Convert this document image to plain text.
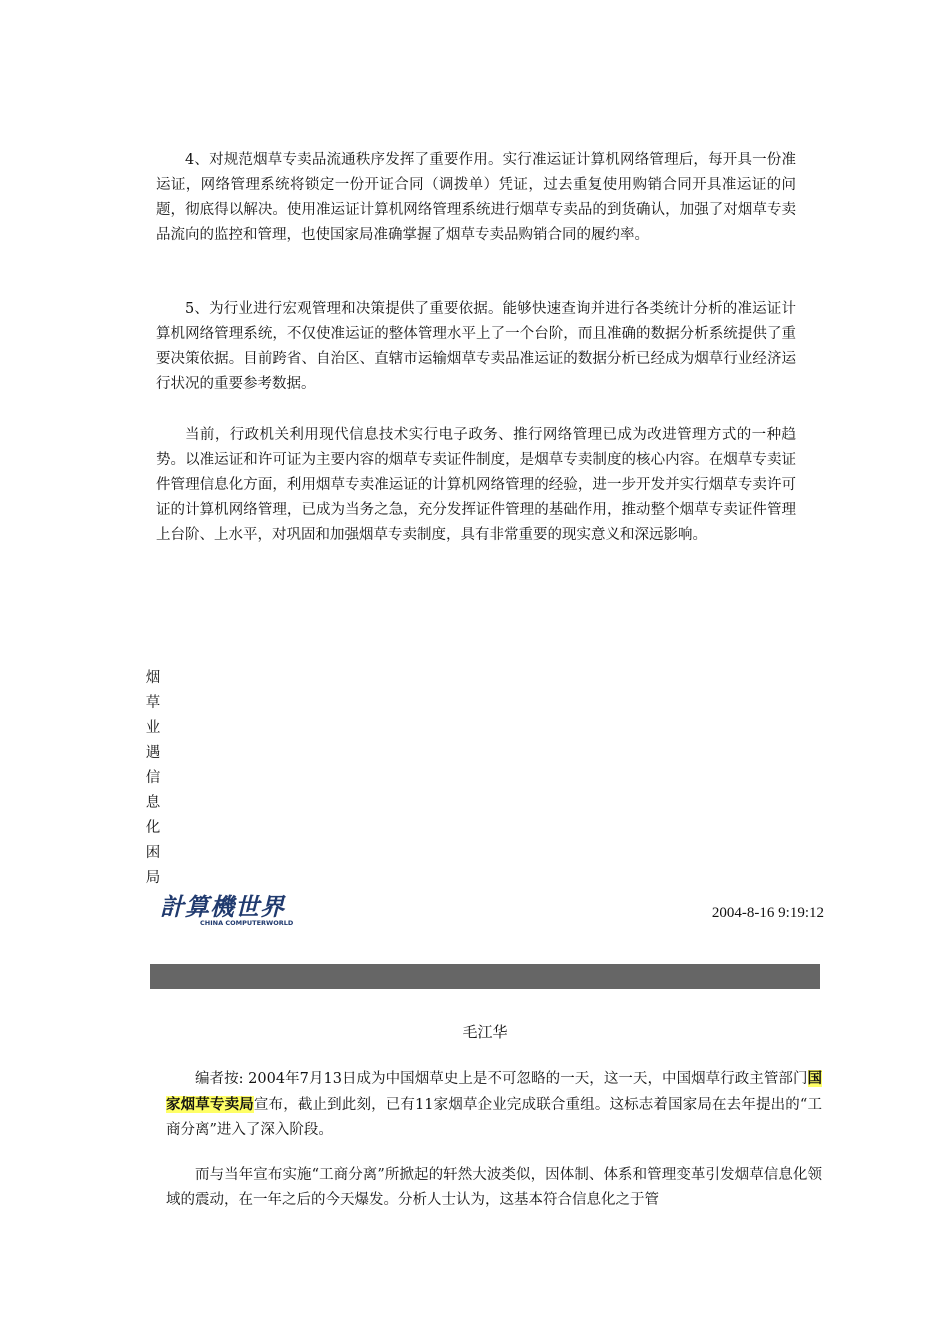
4、对规范烟草专卖品流通秩序发挥了重要作用。实行准运证计算机网络管理后，每开具一份准运证，网络管理系统将锁定一份开证合同（调拨单）凭证，过去重复使用购销合同开具准运证的问题，彻底得以解决。使用准运证计算机网络管理系统进行烟草专卖品的到货确认，加强了对烟草专卖品流向的监控和管理，也使国家局准确掌握了烟草专卖品购销合同的履约率。

5、为行业进行宏观管理和决策提供了重要依据。能够快速查询并进行各类统计分析的准运证计算机网络管理系统，不仅使准运证的整体管理水平上了一个台阶，而且准确的数据分析系统提供了重要决策依据。目前跨省、自治区、直辖市运输烟草专卖品准运证的数据分析已经成为烟草行业经济运行状况的重要参考数据。

当前，行政机关利用现代信息技术实行电子政务、推行网络管理已成为改进管理方式的一种趋势。以准运证和许可证为主要内容的烟草专卖证件制度，是烟草专卖制度的核心内容。在烟草专卖证件管理信息化方面，利用烟草专卖准运证的计算机网络管理的经验，进一步开发并实行烟草专卖许可证的计算机网络管理，已成为当务之急，充分发挥证件管理的基础作用，推动整个烟草专卖证件管理上台阶、上水平，对巩固和加强烟草专卖制度，具有非常重要的现实意义和深远影响。

烟
草
业
遇
信
息
化
困
局
計算機世界
CHINA COMPUTERWORLD
2004-8-16 9:19:12
毛江华

编者按: 2004年7月13日成为中国烟草史上是不可忽略的一天，这一天，中国烟草行政主管部门国家烟草专卖局宣布，截止到此刻，已有11家烟草企业完成联合重组。这标志着国家局在去年提出的“工商分离”进入了深入阶段。

而与当年宣布实施“工商分离”所掀起的轩然大波类似，因体制、体系和管理变革引发烟草信息化领域的震动，在一年之后的今天爆发。分析人士认为，这基本符合信息化之于管
